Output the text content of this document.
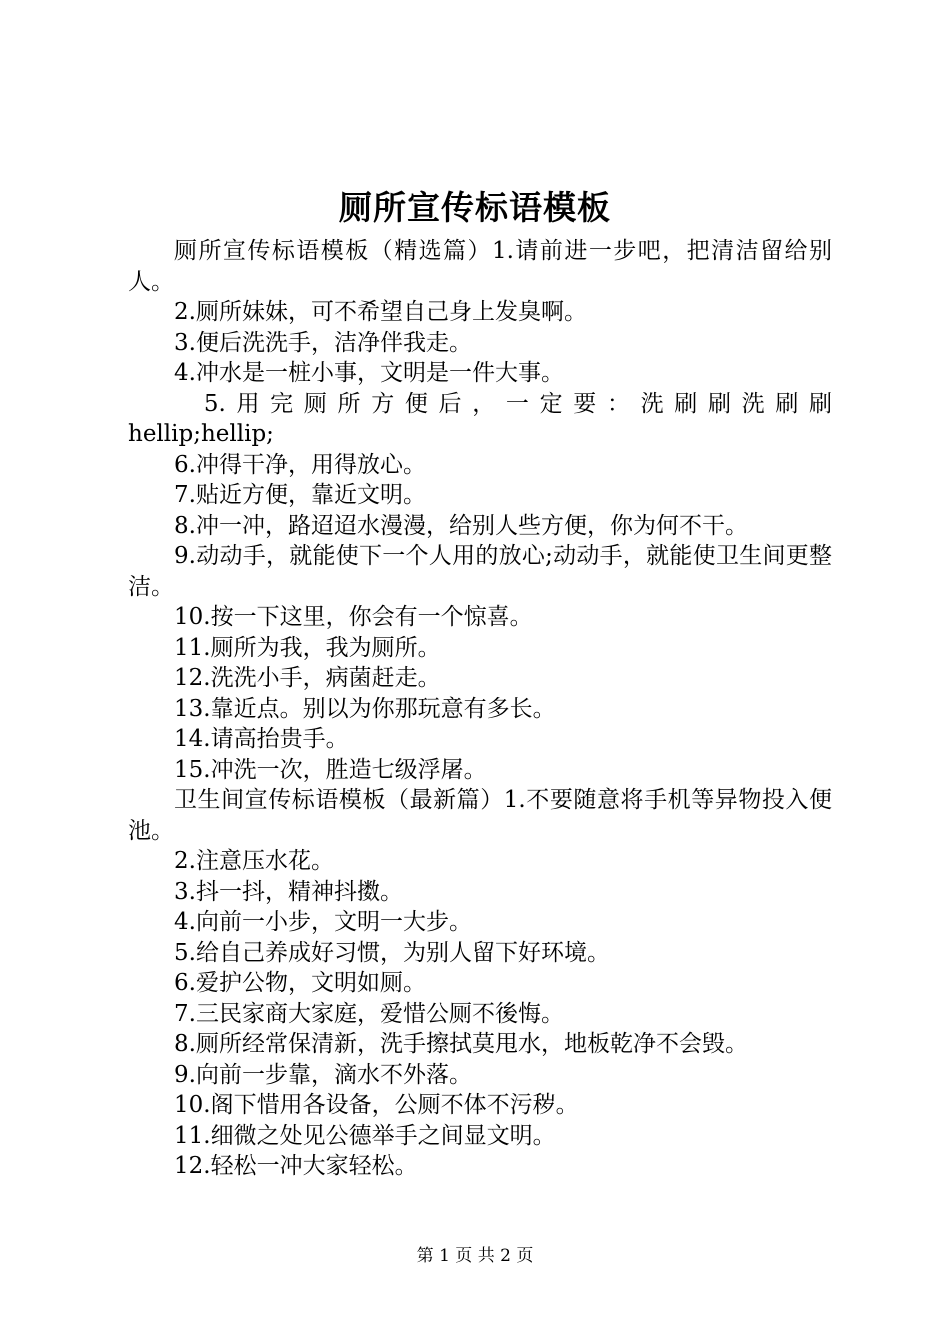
厕所宣传标语模板

厕所宣传标语模板（精选篇）1.请前进一步吧，把清洁留给别人。

2.厕所妹妹，可不希望自己身上发臭啊。

3.便后洗洗手，洁净伴我走。

4.冲水是一桩小事，文明是一件大事。

5.用完厕所方便后，一定要：洗刷刷洗刷刷

hellip;hellip;

6.冲得干净，用得放心。

7.贴近方便，靠近文明。

8.冲一冲，路迢迢水漫漫，给别人些方便，你为何不干。

9.动动手，就能使下一个人用的放心;动动手，就能使卫生间更整洁。

10.按一下这里，你会有一个惊喜。

11.厕所为我，我为厕所。

12.洗洗小手，病菌赶走。

13.靠近点。别以为你那玩意有多长。

14.请高抬贵手。

15.冲洗一次，胜造七级浮屠。

卫生间宣传标语模板（最新篇）1.不要随意将手机等异物投入便池。

2.注意压水花。

3.抖一抖，精神抖擞。

4.向前一小步，文明一大步。

5.给自己养成好习惯，为别人留下好环境。

6.爱护公物，文明如厕。

7.三民家商大家庭，爱惜公厕不後悔。

8.厕所经常保清新，洗手擦拭莫甩水，地板乾净不会毁。

9.向前一步靠，滴水不外落。

10.阁下惜用各设备，公厕不体不污秽。

11.细微之处见公德举手之间显文明。

12.轻松一冲大家轻松。

第 1 页 共 2 页
